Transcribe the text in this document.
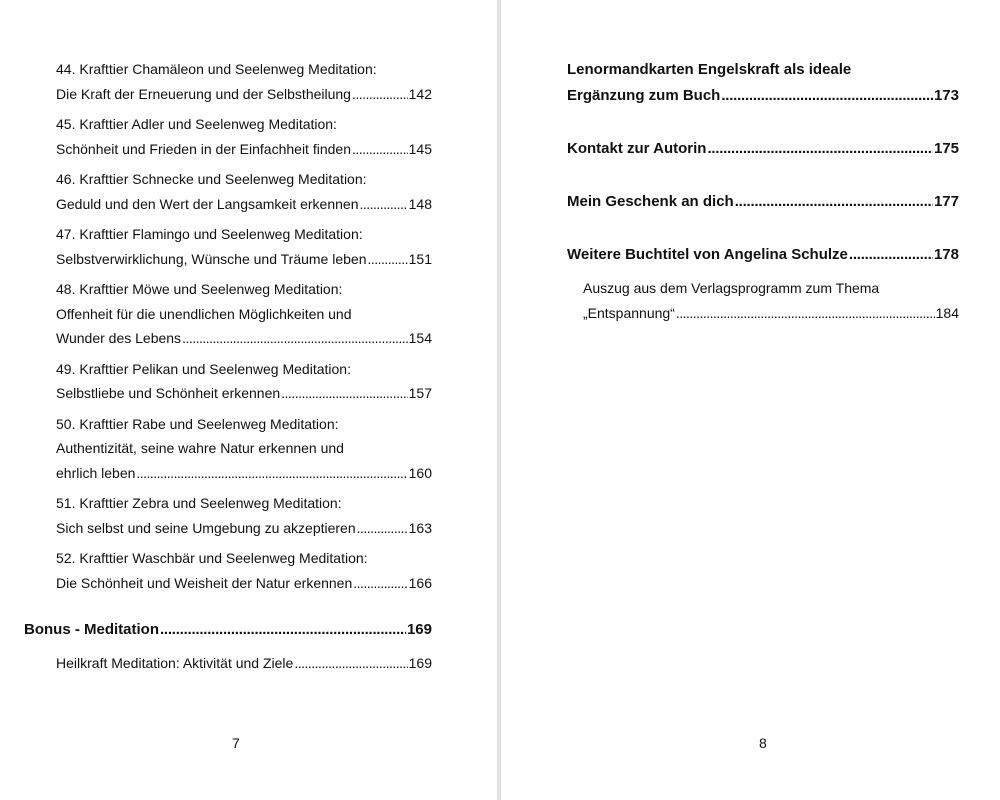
44. Krafttier Chamäleon und Seelenweg Meditation:
Die Kraft der Erneuerung und der Selbstheilung . . .	142
45. Krafttier Adler und Seelenweg Meditation:
Schönheit und Frieden in der Einfachheit finden . . .	145
46. Krafttier Schnecke und Seelenweg Meditation:
Geduld und den Wert der Langsamkeit erkennen . . .	148
47. Krafttier Flamingo und Seelenweg Meditation:
Selbstverwirklichung, Wünsche und Träume leben . . .	151
48. Krafttier Möwe und Seelenweg Meditation:
Offenheit für die unendlichen Möglichkeiten und
Wunder des Lebens . . .	154
49. Krafttier Pelikan und Seelenweg Meditation:
Selbstliebe und Schönheit erkennen . . .	157
50. Krafttier Rabe und Seelenweg Meditation:
Authentizität, seine wahre Natur erkennen und
ehrlich leben . . .	160
51. Krafttier Zebra und Seelenweg Meditation:
Sich selbst und seine Umgebung zu akzeptieren . . .	163
52. Krafttier Waschbär und Seelenweg Meditation:
Die Schönheit und Weisheit der Natur erkennen . . .	166
Bonus - Meditation . . .	169
Heilkraft Meditation: Aktivität und Ziele . . .	169
7
Lenormandkarten Engelskraft als ideale
Ergänzung zum Buch . . .	173
Kontakt zur Autorin . . .	175
Mein Geschenk an dich . . .	177
Weitere Buchtitel von Angelina Schulze . . .	178
Auszug aus dem Verlagsprogramm zum Thema
„Entspannung“ . . .	184
8
